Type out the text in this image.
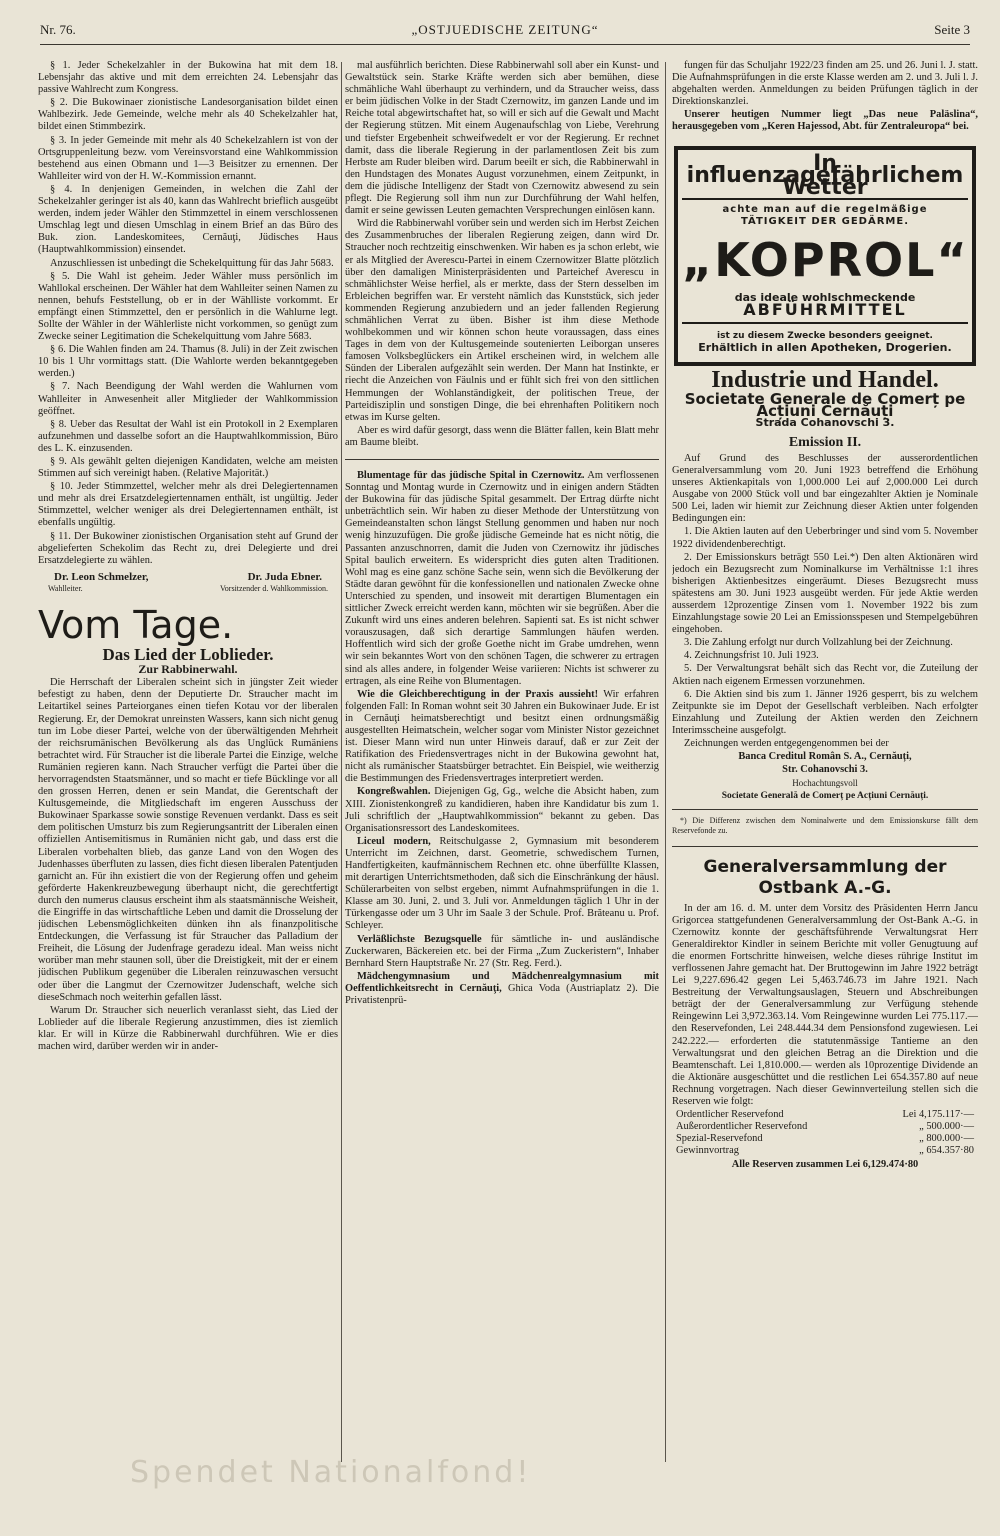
Nr. 76.	„OSTJUEDISCHE ZEITUNG“	Seite 3

§ 1. Jeder Schekelzahler in der Bukowina hat mit dem 18. Lebensjahr das aktive und mit dem erreichten 24. Lebensjahr das passive Wahlrecht zum Kongress.

§ 2. Die Bukowinaer zionistische Landesorganisation bildet einen Wahlbezirk. Jede Gemeinde, welche mehr als 40 Schekelzahler hat, bildet einen Stimmbezirk.

§ 3. In jeder Gemeinde mit mehr als 40 Schekelzahlern ist von der Ortsgruppenleitung bezw. vom Vereinsvorstand eine Wahlkommission bestehend aus einen Obmann und 1—3 Beisitzer zu ernennen. Der Wahlleiter wird von der H. W.-Kommission ernannt.

§ 4. In denjenigen Gemeinden, in welchen die Zahl der Schekelzahler geringer ist als 40, kann das Wahlrecht brieflich ausgeübt werden, indem jeder Wähler den Stimmzettel in einem verschlossenen Umschlag legt und diesen Umschlag in einem Brief an das Büro des Buk. zion. Landeskomitees, Cernăuţi, Jüdisches Haus (Hauptwahlkommission) einsendet.

Anzuschliessen ist unbedingt die Schekelquittung für das Jahr 5683.

§ 5. Die Wahl ist geheim. Jeder Wähler muss persönlich im Wahllokal erscheinen. Der Wähler hat dem Wahlleiter seinen Namen zu nennen, behufs Feststellung, ob er in der Wählliste vorkommt. Er empfängt einen Stimmzettel, den er persönlich in die Wahlurne legt. Sollte der Wähler in der Wählerliste nicht vorkommen, so genügt zum Zwecke seiner Legitimation die Schekelquittung vom Jahre 5683.

§ 6. Die Wahlen finden am 24. Thamus (8. Juli) in der Zeit zwischen 10 bis 1 Uhr vormittags statt. (Die Wahlorte werden bekanntgegeben werden.)

§ 7. Nach Beendigung der Wahl werden die Wahlurnen vom Wahlleiter in Anwesenheit aller Mitglieder der Wahlkommission geöffnet.

§ 8. Ueber das Resultat der Wahl ist ein Protokoll in 2 Exemplaren aufzunehmen und dasselbe sofort an die Hauptwahlkommission, Büro des L. K. einzusenden.

§ 9. Als gewählt gelten diejenigen Kandidaten, welche am meisten Stimmen auf sich vereinigt haben. (Relative Majorität.)

§ 10. Jeder Stimmzettel, welcher mehr als drei Delegiertennamen und mehr als drei Ersatzdelegiertennamen enthält, ist ungültig. Jeder Stimmzettel, welcher weniger als drei Delegiertennamen enthält, ist ebenfalls ungültig.

§ 11. Der Bukowiner zionistischen Organisation steht auf Grund der abgelieferten Schekolim das Recht zu, drei Delegierte und drei Ersatzdelegierte zu wählen.

Dr. Leon Schmelzer,	Dr. Juda Ebner.
Wahlleiter.	Vorsitzender d. Wahlkommission.
Vom Tage.
Das Lied der Loblieder.
Zur Rabbinerwahl.

Die Herrschaft der Liberalen scheint sich in jüngster Zeit wieder befestigt zu haben, denn der Deputierte Dr. Straucher macht im Leitartikel seines Parteiorganes einen tiefen Kotau vor der liberalen Regierung. Er, der Demokrat unreinsten Wassers, kann sich nicht genug tun im Lobe dieser Partei, welche von der überwältigenden Mehrheit der reichsrumänischen Bevölkerung als das Unglück Rumäniens betrachtet wird. Für Straucher ist die liberale Partei die Einzige, welche Rumänien regieren kann. Nach Straucher verfügt die Partei über die hervorragendsten Staatsmänner, und so macht er tiefe Bücklinge vor all den grossen Herren, denen er sein Mandat, die Gerentschaft der Kultusgemeinde, die Mitgliedschaft im engeren Ausschuss der Bukowinaer Sparkasse sowie sonstige Revenuen verdankt. Dass es seit dem politischen Umsturz bis zum Regierungsantritt der Liberalen einen offiziellen Antisemitismus in Rumänien nicht gab, und dass erst die Liberalen vorbehalten blieb, das ganze Land von den Wogen des Judenhasses überfluten zu lassen, dies ficht diesen liberalen Patentjuden garnicht an. Für ihn existiert die von der Regierung offen und geheim geförderte Hakenkreuzbewegung überhaupt nicht, die gerechtfertigt durch den numerus clausus erscheint ihm als staatsmännische Weisheit, die Eingriffe in das wirtschaftliche Leben und damit die Drosselung der jüdischen Lebensmöglichkeiten dünken ihn als finanzpolitische Entdeckungen, die Verfassung ist für Straucher das Palladium der Freiheit, die Lösung der Judenfrage geradezu ideal. Man weiss nicht worüber man mehr staunen soll, über die Dreistigkeit, mit der er einem jüdischen Publikum gegenüber die Liberalen reinzuwaschen versucht oder über die Langmut der Czernowitzer Judenschaft, welche sich dieseSchmach noch weiterhin gefallen lässt.

Warum Dr. Straucher sich neuerlich veranlasst sieht, das Lied der Loblieder auf die liberale Regierung anzustimmen, dies ist ziemlich klar. Er will in Kürze die Rabbinerwahl durchführen. Wie er dies machen wird, darüber werden wir in ander-

mal ausführlich berichten. Diese Rabbinerwahl soll aber ein Kunst- und Gewaltstück sein. Starke Kräfte werden sich aber bemühen, diese schmähliche Wahl überhaupt zu verhindern, und da Straucher weiss, dass er beim jüdischen Volke in der Stadt Czernowitz, im ganzen Lande und im Reiche total abgewirtschaftet hat, so will er sich auf die Gewalt und Macht der Regierung stützen. Mit einem Augenaufschlag von Liebe, Verehrung und tiefster Ergebenheit schweifwedelt er vor der Regierung. Er rechnet damit, dass die liberale Regierung in der parlamentlosen Zeit bis zum Herbste am Ruder bleiben wird. Darum beeilt er sich, die Rabbinerwahl in den Hundstagen des Monates August vorzunehmen, einem Zeitpunkt, in dem die jüdische Intelligenz der Stadt von Czernowitz abwesend zu sein pflegt. Die Regierung soll ihm nun zur Durchführung der Wahl helfen, damit er seine gewissen Leuten gemachten Versprechungen einlösen kann.

Wird die Rabbinerwahl vorüber sein und werden sich im Herbst Zeichen des Zusammenbruches der liberalen Regierung zeigen, dann wird Dr. Straucher noch rechtzeitig einschwenken. Wir haben es ja schon erlebt, wie er als Mitglied der Averescu-Partei in einem Czernowitzer Blatte plötzlich über den damaligen Ministerpräsidenten und Parteichef Averescu in schmählichster Weise herfiel, als er merkte, dass der Stern desselben im Erbleichen begriffen war. Er versteht nämlich das Kunststück, sich jeder kommenden Regierung anzubiedern und an jeder fallenden Regierung schmählichen Verrat zu üben. Bisher ist ihm diese Methode wohlbekommen und wir können schon heute voraussagen, dass eines Tages in dem von der Kultusgemeinde soutenierten Leiborgan unseres famosen Volksbeglückers ein Artikel erscheinen wird, in welchem alle Sünden der Liberalen aufgezählt sein werden. Der Mann hat Instinkte, er riecht die Anzeichen von Fäulnis und er fühlt sich frei von den sittlichen Hemmungen der Wohlanständigkeit, der politischen Treue, der Parteidisziplin und sonstigen Dinge, die bei ehrenhaften Politikern noch etwas im Kurse gelten.

Aber es wird dafür gesorgt, dass wenn die Blätter fallen, kein Blatt mehr am Baume bleibt.

Blumentage für das jüdische Spital in Czernowitz. Am verflossenen Sonntag und Montag wurde in Czernowitz und in einigen andern Städten der Bukowina für das jüdische Spital gesammelt. Der Ertrag dürfte nicht unbeträchtlich sein. Wir haben zu dieser Methode der Unterstützung von Gemeindeanstalten schon längst Stellung genommen und haben nur noch wenig hinzuzufügen. Die große jüdische Gemeinde hat es nicht nötig, die Passanten anzuschnorren, damit die Juden von Czernowitz ihr jüdisches Spital baulich erweitern. Es widerspricht dies guten alten Traditionen. Wohl mag es eine ganz schöne Sache sein, wenn sich die Bevölkerung der Städte daran gewöhnt für die konfessionellen und nationalen Zwecke ohne Unterschied zu spenden, und insoweit mit derartigen Blumentagen ein sittlicher Zweck erreicht werden kann, möchten wir sie begrüßen. Aber die Zukunft wird uns eines anderen belehren. Sapienti sat. Es ist nicht schwer vorauszusagen, daß sich derartige Sammlungen häufen werden. Hoffentlich wird sich der große Goethe nicht im Grabe umdrehen, wenn wir sein bekanntes Wort von den schönen Tagen, die schwerer zu ertragen sind als alles andere, in folgender Weise variieren: Nichts ist schwerer zu ertragen, als eine Reihe von Blumentagen.

Wie die Gleichberechtigung in der Praxis aussieht! Wir erfahren folgenden Fall: In Roman wohnt seit 30 Jahren ein Bukowinaer Jude. Er ist in Cernăuţi heimatsberechtigt und besitzt einen ordnungsmäßig ausgestellten Heimatschein, welcher sogar vom Minister Nistor gezeichnet ist. Dieser Mann wird nun unter Hinweis darauf, daß er zur Zeit der Ratifikation des Friedensvertrages nicht in der Bukowina gewohnt hat, nicht als rumänischer Staatsbürger betrachtet. Ein Beispiel, wie weitherzig die Bestimmungen des Friedensvertrages interpretiert werden.

Kongreßwahlen. Diejenigen Gg, Gg., welche die Absicht haben, zum XIII. Zionistenkongreß zu kandidieren, haben ihre Kandidatur bis zum 1. Juli schriftlich der „Hauptwahlkommission“ bekannt zu geben. Das Organisationsressort des Landeskomitees.

Liceul modern, Reitschulgasse 2, Gymnasium mit besonderem Unterricht im Zeichnen, darst. Geometrie, schwedischem Turnen, Handfertigkeiten, kaufmännischem Rechnen etc. ohne überfüllte Klassen, mit derartigen Unterrichtsmethoden, daß sich die Einschränkung der häusl. Schülerarbeiten von selbst ergeben, nimmt Aufnahmsprüfungen in die 1. Klasse am 30. Juni, 2. und 3. Juli vor. Anmeldungen täglich 1 Uhr in der Türkengasse oder um 3 Uhr im Saale 3 der Schule. Prof. Brăteanu u. Prof. Schleyer.

Verläßlichste Bezugsquelle für sämtliche in- und ausländische Zuckerwaren, Bäckereien etc. bei der Firma „Zum Zuckeristern“, Inhaber Bernhard Stern Hauptstraße Nr. 27 (Str. Reg. Ferd.).

Mädchengymnasium und Mädchenrealgymnasium mit Oeffentlichkeitsrecht in Cernăuţi, Ghica Voda (Austriaplatz 2). Die Privatistenprü-

fungen für das Schuljahr 1922/23 finden am 25. und 26. Juni l. J. statt. Die Aufnahmsprüfungen in die erste Klasse werden am 2. und 3. Juli l. J. abgehalten werden. Anmeldungen zu beiden Prüfungen täglich in der Direktionskanzlei.

Unserer heutigen Nummer liegt „Das neue Paläslina“, herausgegeben vom „Keren Hajessod, Abt. für Zentraleuropa“ bei.

In influenzagefährlichem Wetter
achte man auf die regelmäßige
TÄTIGKEIT DER GEDÄRME.
„KOPROL“
das ideale wohlschmeckende
ABFÜHRMITTEL
ist zu diesem Zwecke besonders geeignet.
Erhältlich in allen Apotheken, Drogerien.
Industrie und Handel.
Societate Generale de Comerț pe Acțiuni Cernăuți
Strada Cohanovschi 3.
Emission II.

Auf Grund des Beschlusses der ausserordentlichen Generalversammlung vom 20. Juni 1923 betreffend die Erhöhung unseres Aktienkapitals von 1,000.000 Lei auf 2,000.000 Lei durch Ausgabe von 2000 Stück voll und bar eingezahlter Aktien je Nominale 500 Lei, laden wir hiemit zur Zeichnung dieser Aktien unter folgenden Bedingungen ein:

1. Die Aktien lauten auf den Ueberbringer und sind vom 5. November 1922 dividendenberechtigt.

2. Der Emissionskurs beträgt 550 Lei.*) Den alten Aktionären wird jedoch ein Bezugsrecht zum Nominalkurse im Verhältnisse 1:1 ihres bisherigen Aktienbesitzes eingeräumt. Dieses Bezugsrecht muss spätestens am 30. Juni 1923 ausgeübt werden. Für jede Aktie werden ausserdem 12prozentige Zinsen vom 1. November 1922 bis zum Einzahlungstage sowie 20 Lei an Emissionsspesen und Stempelgebühren eingehoben.

3. Die Zahlung erfolgt nur durch Vollzahlung bei der Zeichnung.

4. Zeichnungsfrist 10. Juli 1923.

5. Der Verwaltungsrat behält sich das Recht vor, die Zuteilung der Aktien nach eigenem Ermessen vorzunehmen.

6. Die Aktien sind bis zum 1. Jänner 1926 gesperrt, bis zu welchem Zeitpunkte sie im Depot der Gesellschaft verbleiben. Nach erfolgter Einzahlung und Zuteilung der Aktien werden den Zeichnern Interimsscheine ausgefolgt.

Zeichnungen werden entgegengenommen bei der

Banca Creditul Român S. A., Cernăuți,

Str. Cohanovschi 3.

Hochachtungsvoll

Societate Generală de Comerț pe Acțiuni Cernăuți.

*) Die Differenz zwischen dem Nominalwerte und dem Emissionskurse fällt dem Reservefonde zu.

Generalversammlung der Ostbank A.-G.

In der am 16. d. M. unter dem Vorsitz des Präsidenten Herrn Jancu Grigorcea stattgefundenen Generalversammlung der Ost-Bank A.-G. in Czernowitz konnte der geschäftsführende Verwaltungsrat Herr Generaldirektor Kindler in seinem Berichte mit voller Genugtuung auf die enormen Fortschritte hinweisen, welche dieses rührige Institut im verflossenen Jahre gemacht hat. Der Bruttogewinn im Jahre 1922 beträgt Lei 9,227.696.42 gegen Lei 5,463.746.73 im Jahre 1921. Nach Bestreitung der Verwaltungsauslagen, Steuern und Abschreibungen beträgt der der Generalversammlung zur Verfügung stehende Reingewinn Lei 3,972.363.14. Vom Reingewinne wurden Lei 775.117.— den Reservefonden, Lei 248.444.34 dem Pensionsfond zugewiesen. Lei 242.222.— erforderten die statutenmässige Tantieme an den Verwaltungsrat und den gleichen Betrag an die Direktion und die Beamtenschaft. Lei 1,810.000.— werden als 10prozentige Dividende an die Aktionäre ausgeschüttet und die restlichen Lei 654.357.80 auf neue Rechnung vorgetragen. Nach dieser Gewinnverteilung stellen sich die Reserven wie folgt:

Ordentlicher Reservefond	Lei 4,175.117·—
Außerordentlicher Reservefond	„ 500.000·—
Spezial-Reservefond	„ 800.000·—
Gewinnvortrag	„ 654.357·80
Alle Reserven zusammen Lei 6,129.474·80
Spendet Nationalfond!
